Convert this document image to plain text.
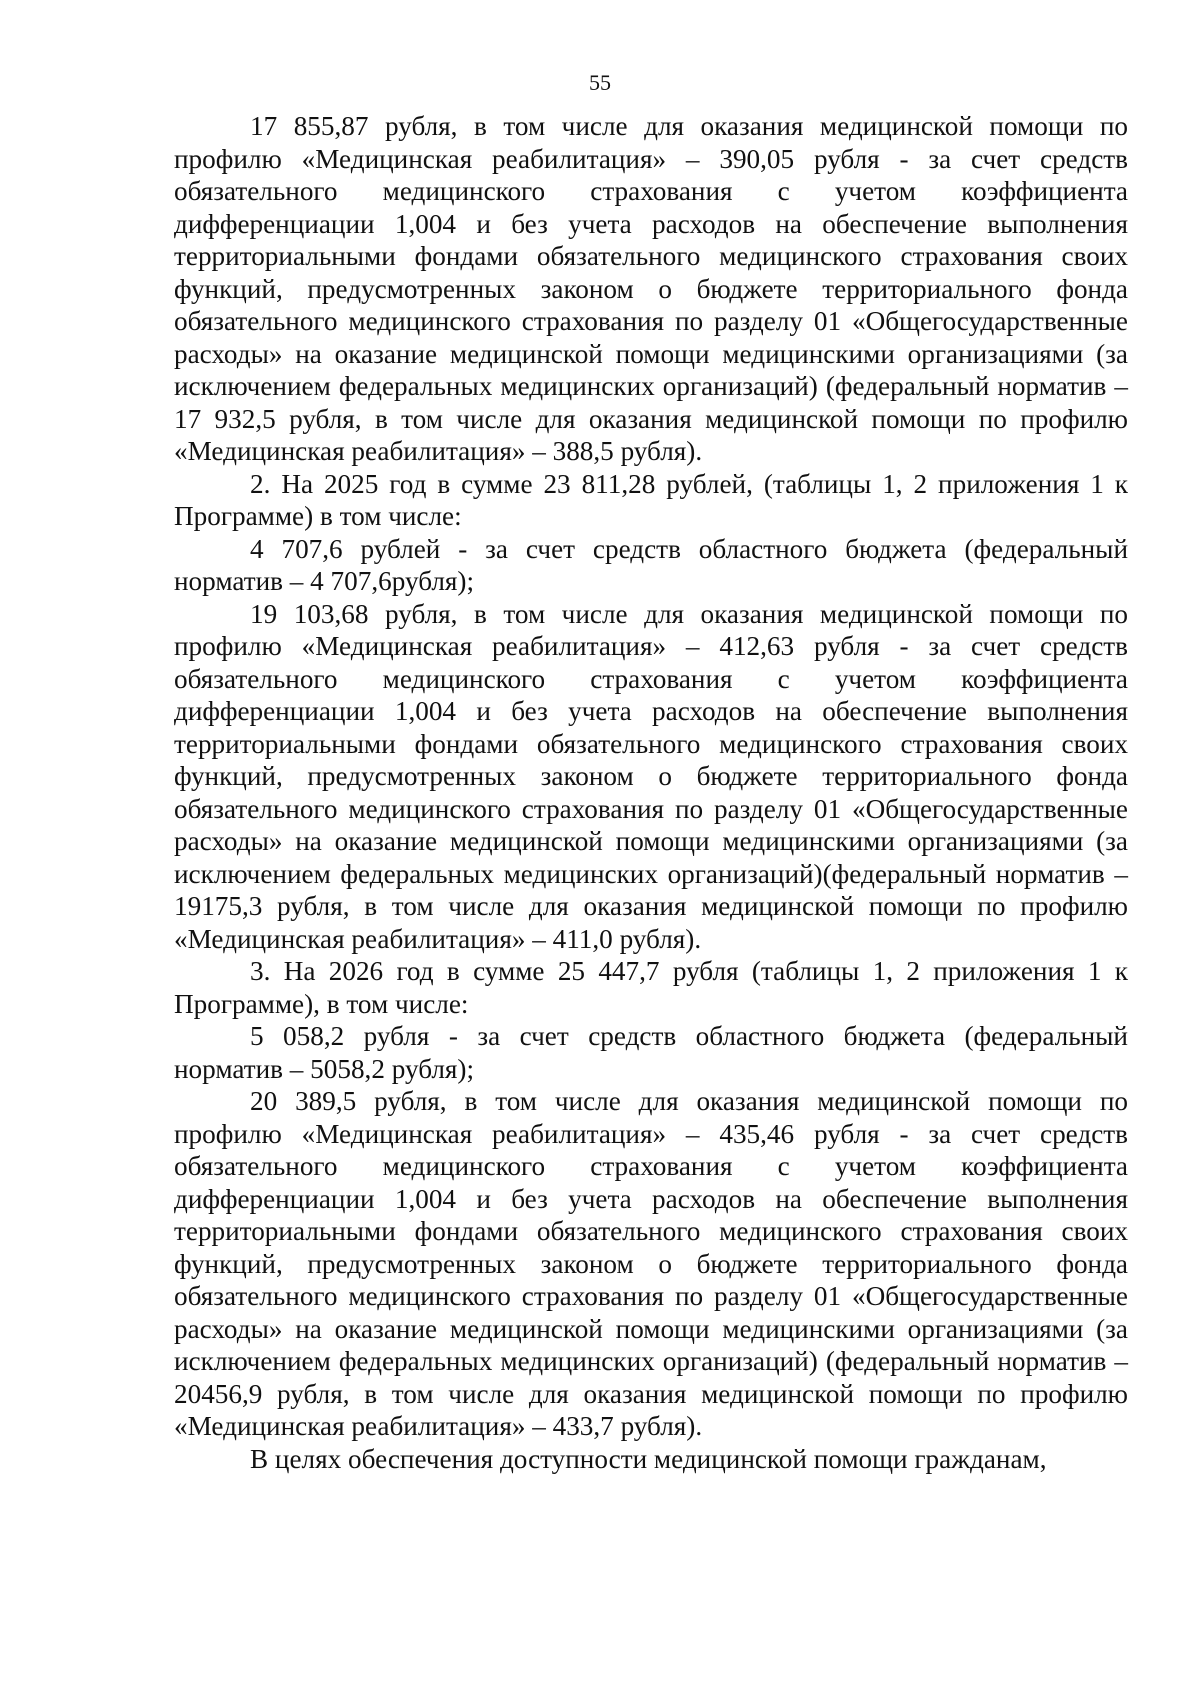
55

17 855,87 рубля, в том числе для оказания медицинской помощи по профилю «Медицинская реабилитация» – 390,05 рубля - за счет средств обязательного медицинского страхования с учетом коэффициента дифференциации 1,004 и без учета расходов на обеспечение выполнения территориальными фондами обязательного медицинского страхования своих функций, предусмотренных законом о бюджете территориального фонда обязательного медицинского страхования по разделу 01 «Общегосударственные расходы» на оказание медицинской помощи медицинскими организациями (за исключением федеральных медицинских организаций) (федеральный норматив – 17 932,5 рубля, в том числе для оказания медицинской помощи по профилю «Медицинская реабилитация» – 388,5 рубля).

2. На 2025 год в сумме 23 811,28 рублей, (таблицы 1, 2 приложения 1 к Программе) в том числе:

4 707,6 рублей - за счет средств областного бюджета (федеральный норматив – 4 707,6рубля);

19 103,68 рубля, в том числе для оказания медицинской помощи по профилю «Медицинская реабилитация» – 412,63 рубля - за счет средств обязательного медицинского страхования с учетом коэффициента дифференциации 1,004 и без учета расходов на обеспечение выполнения территориальными фондами обязательного медицинского страхования своих функций, предусмотренных законом о бюджете территориального фонда обязательного медицинского страхования по разделу 01 «Общегосударственные расходы» на оказание медицинской помощи медицинскими организациями (за исключением федеральных медицинских организаций)(федеральный норматив – 19175,3 рубля, в том числе для оказания медицинской помощи по профилю «Медицинская реабилитация» – 411,0 рубля).

3. На 2026 год в сумме 25 447,7 рубля (таблицы 1, 2 приложения 1 к Программе), в том числе:

5 058,2 рубля - за счет средств областного бюджета (федеральный норматив – 5058,2 рубля);

20 389,5 рубля, в том числе для оказания медицинской помощи по профилю «Медицинская реабилитация» – 435,46 рубля - за счет средств обязательного медицинского страхования с учетом коэффициента дифференциации 1,004 и без учета расходов на обеспечение выполнения территориальными фондами обязательного медицинского страхования своих функций, предусмотренных законом о бюджете территориального фонда обязательного медицинского страхования по разделу 01 «Общегосударственные расходы» на оказание медицинской помощи медицинскими организациями (за исключением федеральных медицинских организаций) (федеральный норматив – 20456,9 рубля, в том числе для оказания медицинской помощи по профилю «Медицинская реабилитация» – 433,7 рубля).

В целях обеспечения доступности медицинской помощи гражданам,
